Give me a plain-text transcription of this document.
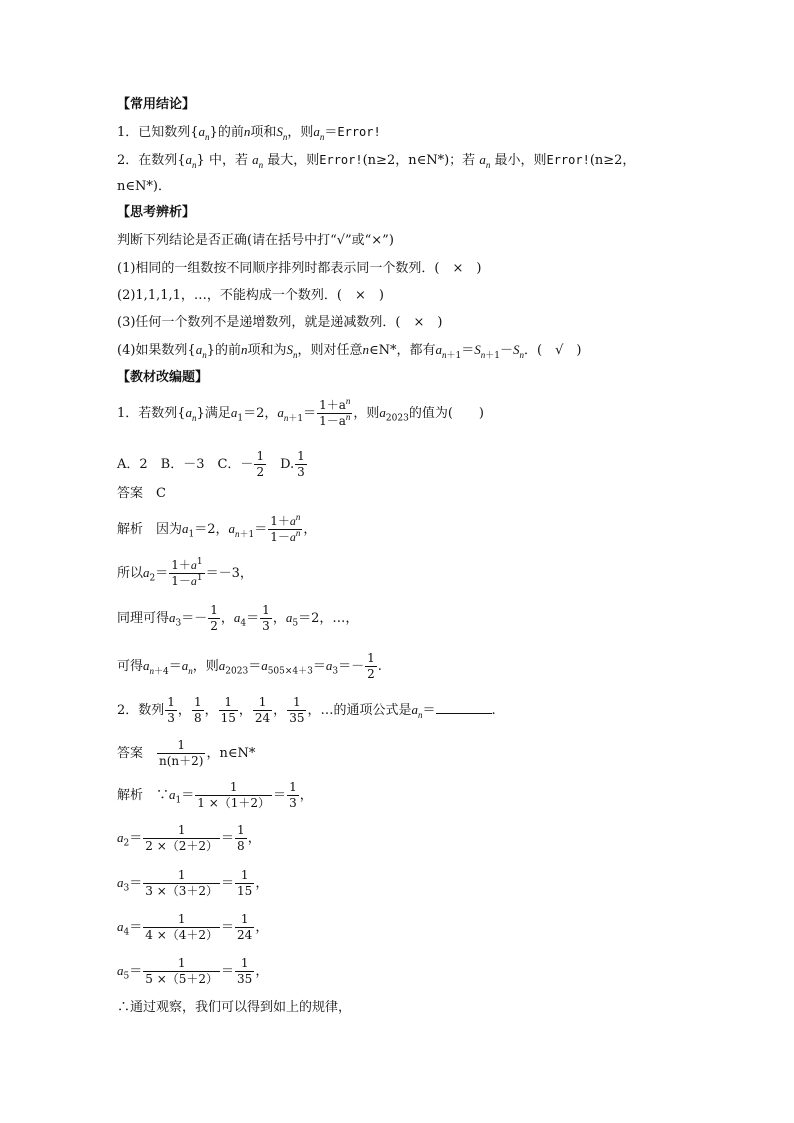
【常用结论】
1．已知数列$\{a_n\}$的前n项和$S_n$，则$a_n=Error$!
2．在数列$\{a_n\}$ 中，若 $a_n$ 最大，则Error!(n≥2，n∈N*)；若 $a_n$ 最小，则Error!(n≥2，
n∈N*)．
【思考辨析】
判断下列结论是否正确(请在括号中打“√”或“×”)
(1)相同的一组数按不同顺序排列时都表示同一个数列．(　×　)
(2)1,1,1,1，…，不能构成一个数列．(　×　)
(3)任何一个数列不是递增数列，就是递减数列．(　×　)
(4)如果数列$\{a_n\}$的前n项和为$S_n$，则对任意n∈N*，都有$a_{n+1}=S_{n+1}-S_n$．(　√　)
【教材改编题】
1．若数列$\{a_n\}$满足$a_1=2$，$a_{n+1}= \frac{1+a^n}{1-a^n}$ ，则$a_{2023}$的值为(　　)
A．2　B．－3　C．－ $\frac{1}{2}$ 　D. $\frac{1}{3}$
答案　C
解析　因为$a_1=2$，$a_{n+1}= \frac{1+a^n}{1-a^n}$ ，
所以$a_2= \frac{1+a^1}{1-a^1} =-3$，
同理可得$a_3=- \frac{1}{2}$ ，$a_4= \frac{1}{3}$ ，$a_5=2$，…，
可得$a_{n+4}=a_n$，则$a_{2023}=a_{505\times 4+3}=a_3=- \frac{1}{2}$ .
2．数列 $\frac{1}{3}$ ， $\frac{1}{8}$ ， $\frac{1}{15}$ ， $\frac{1}{24}$ ， $\frac{1}{35}$ ，…的通项公式是$a_n=$	.
答案　 $\frac{1}{n(n+2)}$ ，n∈N*
解析　$\because a_1= \frac{1}{1 \times(1+2)} = \frac{1}{3}$ ，
$a_2= \frac{1}{2 \times(2+2)} = \frac{1}{8}$ ，
$a_3= \frac{1}{3 \times(3+2)} = \frac{1}{15}$ ，
$a_4= \frac{1}{4 \times(4+2)} = \frac{1}{24}$ ，
$a_5= \frac{1}{5 \times(5+2)} = \frac{1}{35}$ ，
∴通过观察，我们可以得到如上的规律，
